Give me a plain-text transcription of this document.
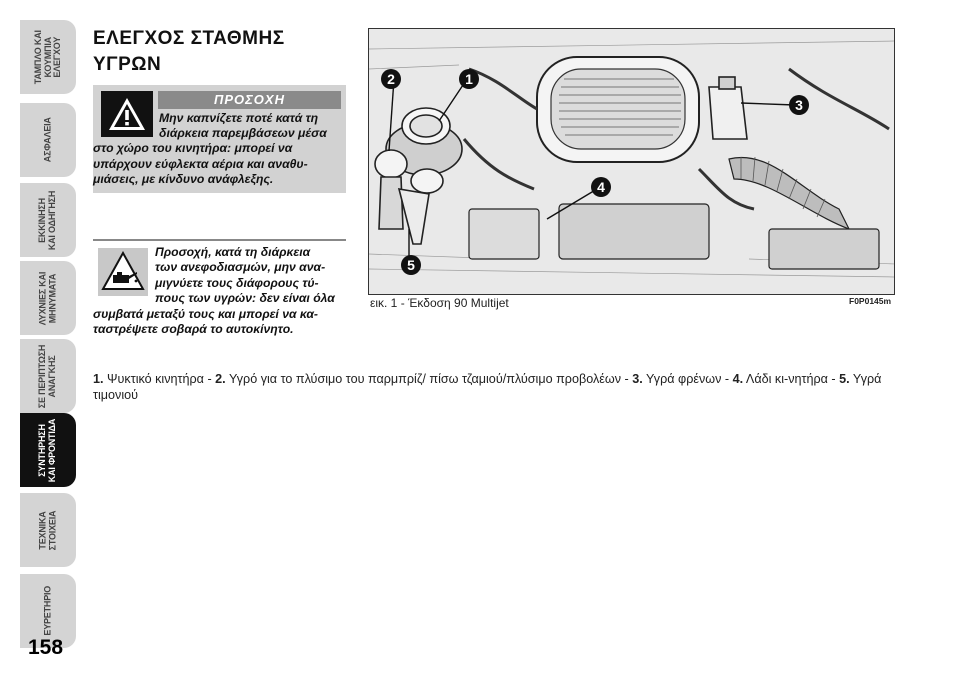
ΤΑΜΠΛΟ ΚΑΙ
ΚΟΥΜΠΙΑ
ΕΛΕΓΧΟΥ
ΑΣΦΑΛΕΙΑ
ΕΚΚΙΝΗΣΗ
ΚΑΙ ΟΔΗΓΗΣΗ
ΛΥΧΝΙΕΣ ΚΑΙ
ΜΗΝΥΜΑΤΑ
ΣΕ ΠΕΡΙΠΤΩΣΗ
ΑΝΑΓΚΗΣ
ΣΥΝΤΗΡΗΣΗ
ΚΑΙ ΦΡΟΝΤΙΔΑ
ΤΕΧΝΙΚΑ
ΣΤΟΙΧΕΙΑ
ΕΥΡΕΤΗΡΙΟ
158
ΕΛΕΓΧΟΣ ΣΤΑΘΜΗΣ
ΥΓΡΩΝ
ΠΡΟΣΟΧΗ
Μην καπνίζετε ποτέ κατά τη
διάρκεια παρεμβάσεων μέσα
στο χώρο του κινητήρα: μπορεί να
υπάρχουν εύφλεκτα αέρια και αναθυ-
μιάσεις, με κίνδυνο ανάφλεξης.
Προσοχή, κατά τη διάρκεια
των ανεφοδιασμών, μην ανα-
μιγνύετε τους διάφορους τύ-
πους των υγρών: δεν είναι όλα
συμβατά μεταξύ τους και μπορεί να κα-
ταστρέψετε σοβαρά το αυτοκίνητο.
1
2
3
4
5
εικ. 1 - Έκδοση 90 Multijet	F0P0145m
1. Ψυκτικό κινητήρα - 2. Υγρό για το πλύσιμο του παρμπρίζ/ πίσω τζαμιού/πλύσιμο προβολέων - 3. Υγρά φρένων - 4. Λάδι κι-νητήρα - 5. Υγρά τιμονιού
